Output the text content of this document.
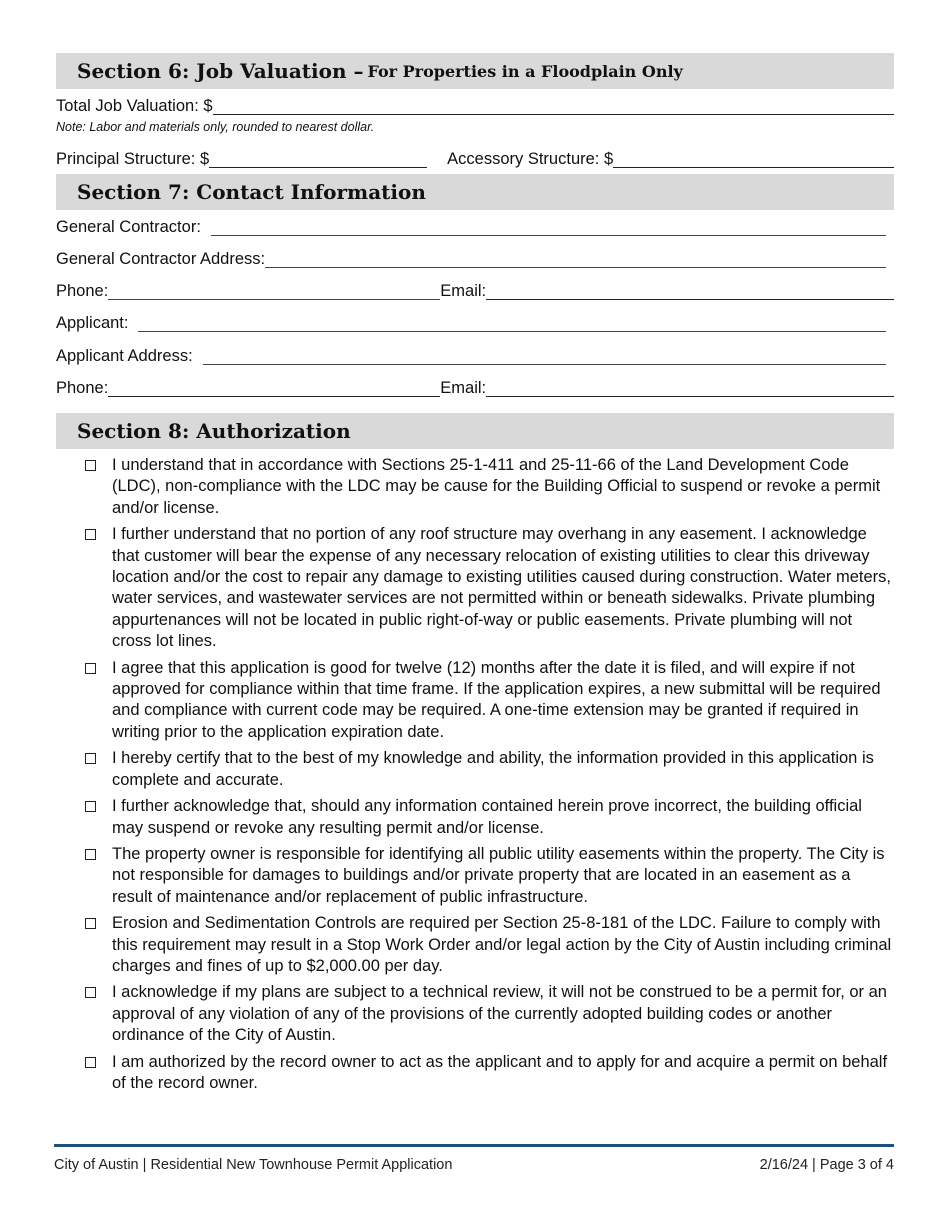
Section 6: Job Valuation – For Properties in a Floodplain Only
Total Job Valuation: $
Note: Labor and materials only, rounded to nearest dollar.
Principal Structure: $	Accessory Structure: $
Section 7: Contact Information
General Contractor:
General Contractor Address:
Phone:	Email:
Applicant:
Applicant Address:
Phone:	Email:
Section 8: Authorization
I understand that in accordance with Sections 25-1-411 and 25-11-66 of the Land Development Code (LDC), non-compliance with the LDC may be cause for the Building Official to suspend or revoke a permit and/or license.
I further understand that no portion of any roof structure may overhang in any easement. I acknowledge that customer will bear the expense of any necessary relocation of existing utilities to clear this driveway location and/or the cost to repair any damage to existing utilities caused during construction. Water meters, water services, and wastewater services are not permitted within or beneath sidewalks. Private plumbing appurtenances will not be located in public right-of-way or public easements. Private plumbing will not cross lot lines.
I agree that this application is good for twelve (12) months after the date it is filed, and will expire if not approved for compliance within that time frame. If the application expires, a new submittal will be required and compliance with current code may be required. A one-time extension may be granted if required in writing prior to the application expiration date.
I hereby certify that to the best of my knowledge and ability, the information provided in this application is complete and accurate.
I further acknowledge that, should any information contained herein prove incorrect, the building official may suspend or revoke any resulting permit and/or license.
The property owner is responsible for identifying all public utility easements within the property. The City is not responsible for damages to buildings and/or private property that are located in an easement as a result of maintenance and/or replacement of public infrastructure.
Erosion and Sedimentation Controls are required per Section 25-8-181 of the LDC. Failure to comply with this requirement may result in a Stop Work Order and/or legal action by the City of Austin including criminal charges and fines of up to $2,000.00 per day.
I acknowledge if my plans are subject to a technical review, it will not be construed to be a permit for, or an approval of any violation of any of the provisions of the currently adopted building codes or another ordinance of the City of Austin.
I am authorized by the record owner to act as the applicant and to apply for and acquire a permit on behalf of the record owner.
City of Austin | Residential New Townhouse Permit Application	2/16/24 | Page 3 of 4
